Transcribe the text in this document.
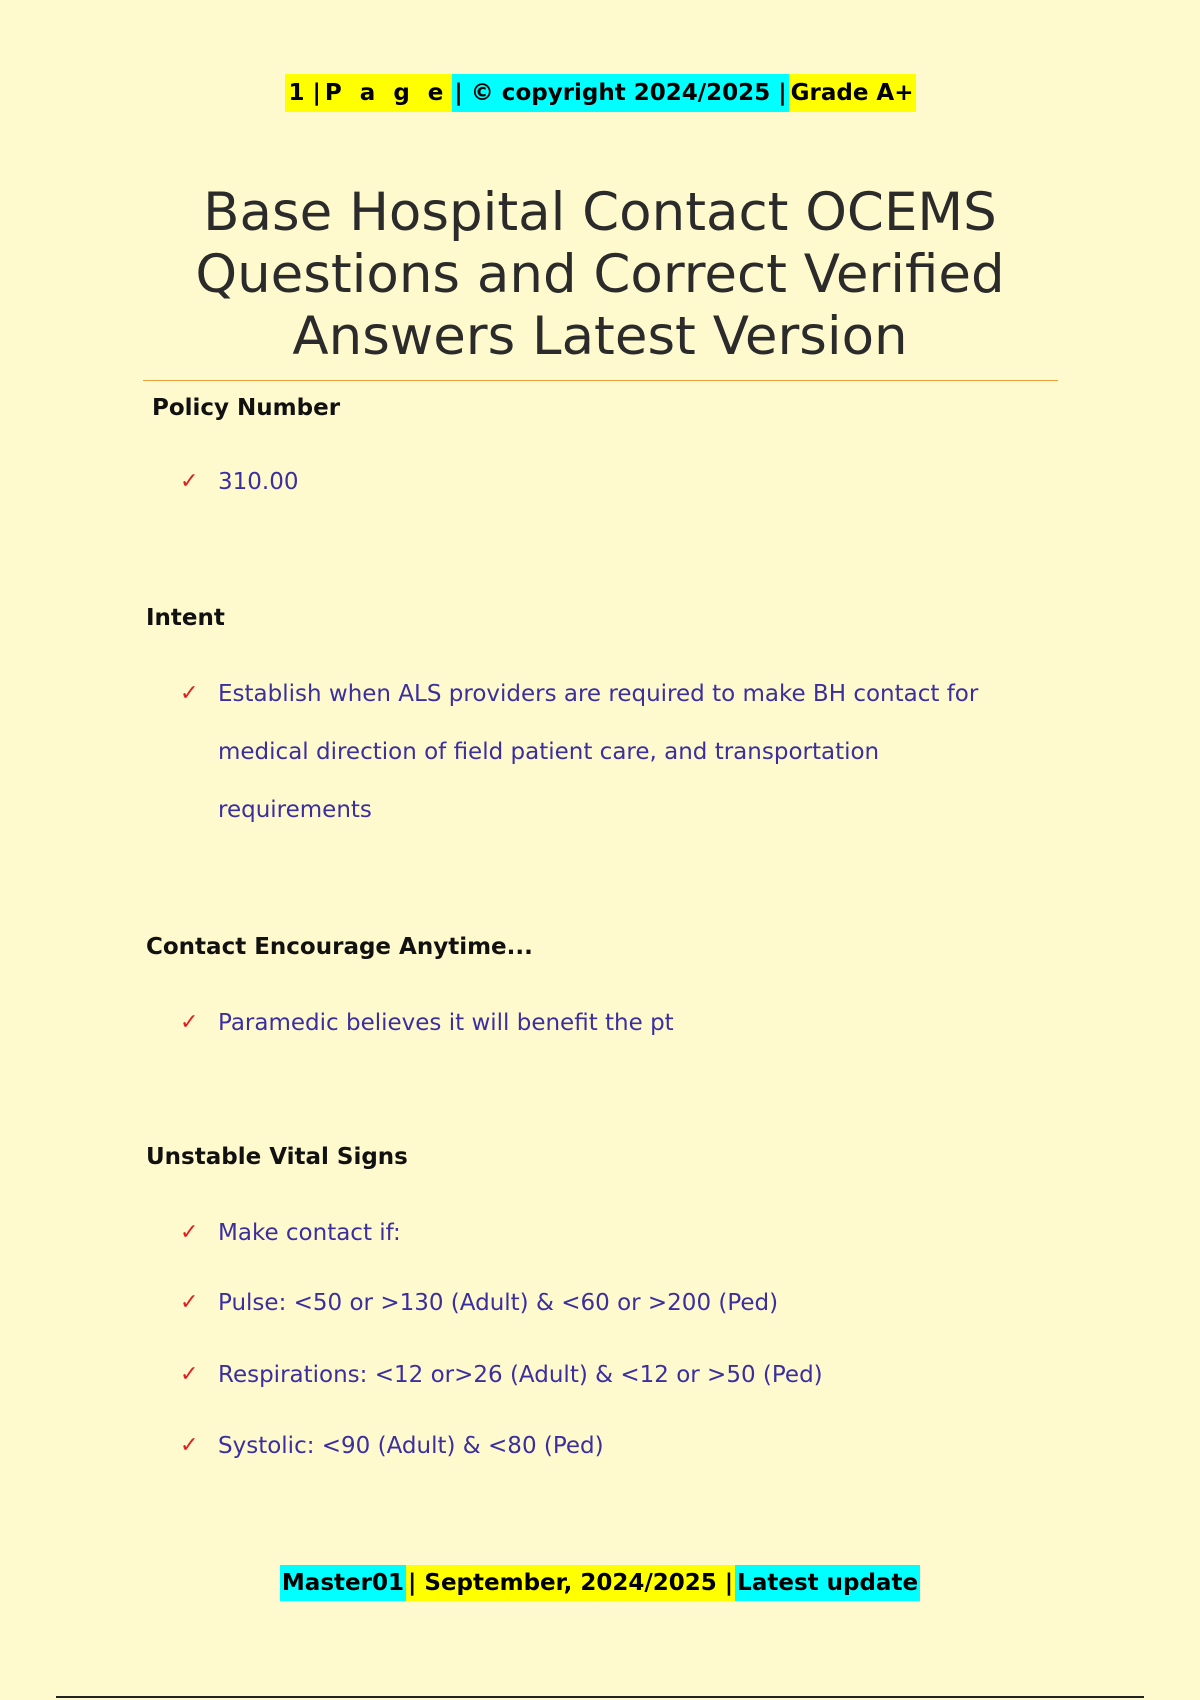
1 |P a g e| © copyright 2024/2025 |Grade A+
Base Hospital Contact OCEMS
Questions and Correct Verified
Answers Latest Version
Policy Number
✓ 310.00
Intent
✓ Establish when ALS providers are required to make BH contact for medical direction of field patient care, and transportation requirements
Contact Encourage Anytime...
✓ Paramedic believes it will benefit the pt
Unstable Vital Signs
✓ Make contact if:
✓ Pulse: <50 or >130 (Adult) & <60 or >200 (Ped)
✓ Respirations: <12 or>26 (Adult) & <12 or >50 (Ped)
✓ Systolic: <90 (Adult) & <80 (Ped)
Master01| September, 2024/2025 |Latest update
